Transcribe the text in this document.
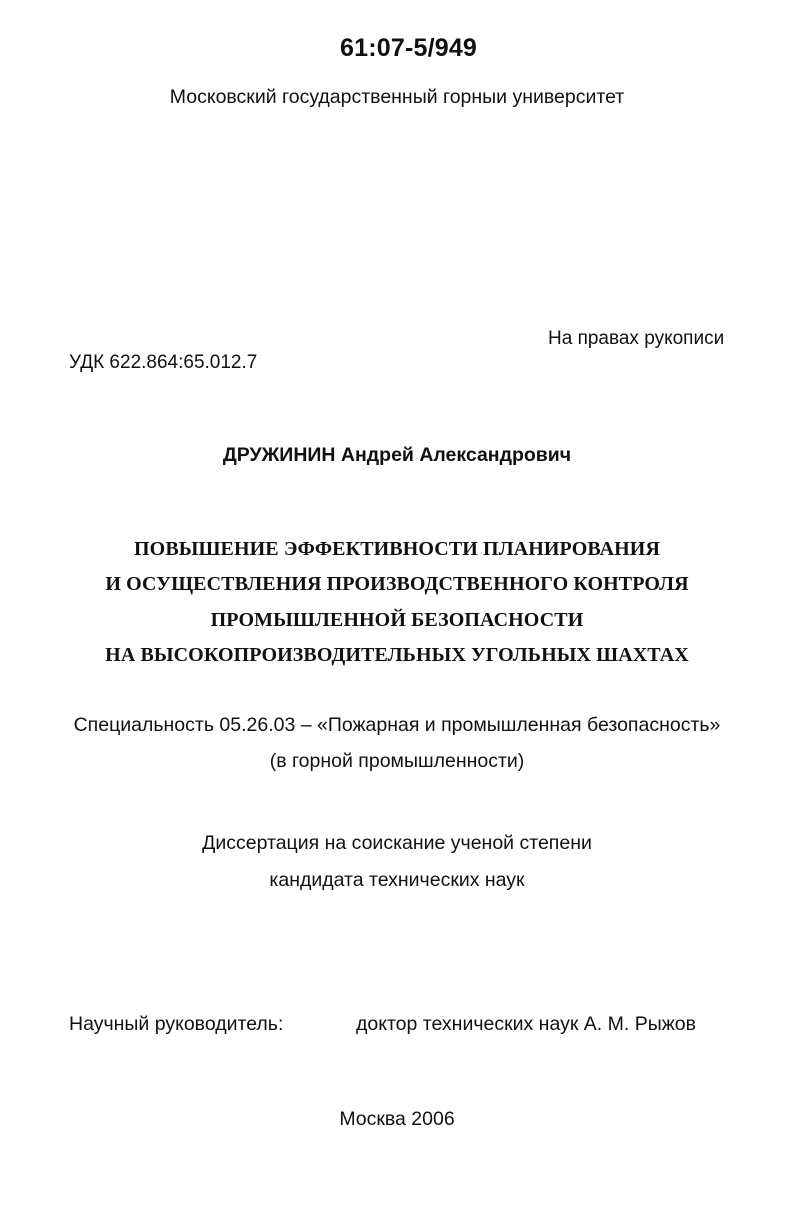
61:07-5/949
Московский государственный горныи университет
На правах рукописи
УДК 622.864:65.012.7
ДРУЖИНИН Андрей Александрович
ПОВЫШЕНИЕ ЭФФЕКТИВНОСТИ ПЛАНИРОВАНИЯ
И ОСУЩЕСТВЛЕНИЯ ПРОИЗВОДСТВЕННОГО КОНТРОЛЯ
ПРОМЫШЛЕННОЙ БЕЗОПАСНОСТИ
НА ВЫСОКОПРОИЗВОДИТЕЛЬНЫХ УГОЛЬНЫХ ШАХТАХ
Специальность 05.26.03 – «Пожарная и промышленная безопасность»
(в горной промышленности)
Диссертация на соискание ученой степени
кандидата технических наук
Научный руководитель:	доктор технических наук А. М. Рыжов
Москва 2006
